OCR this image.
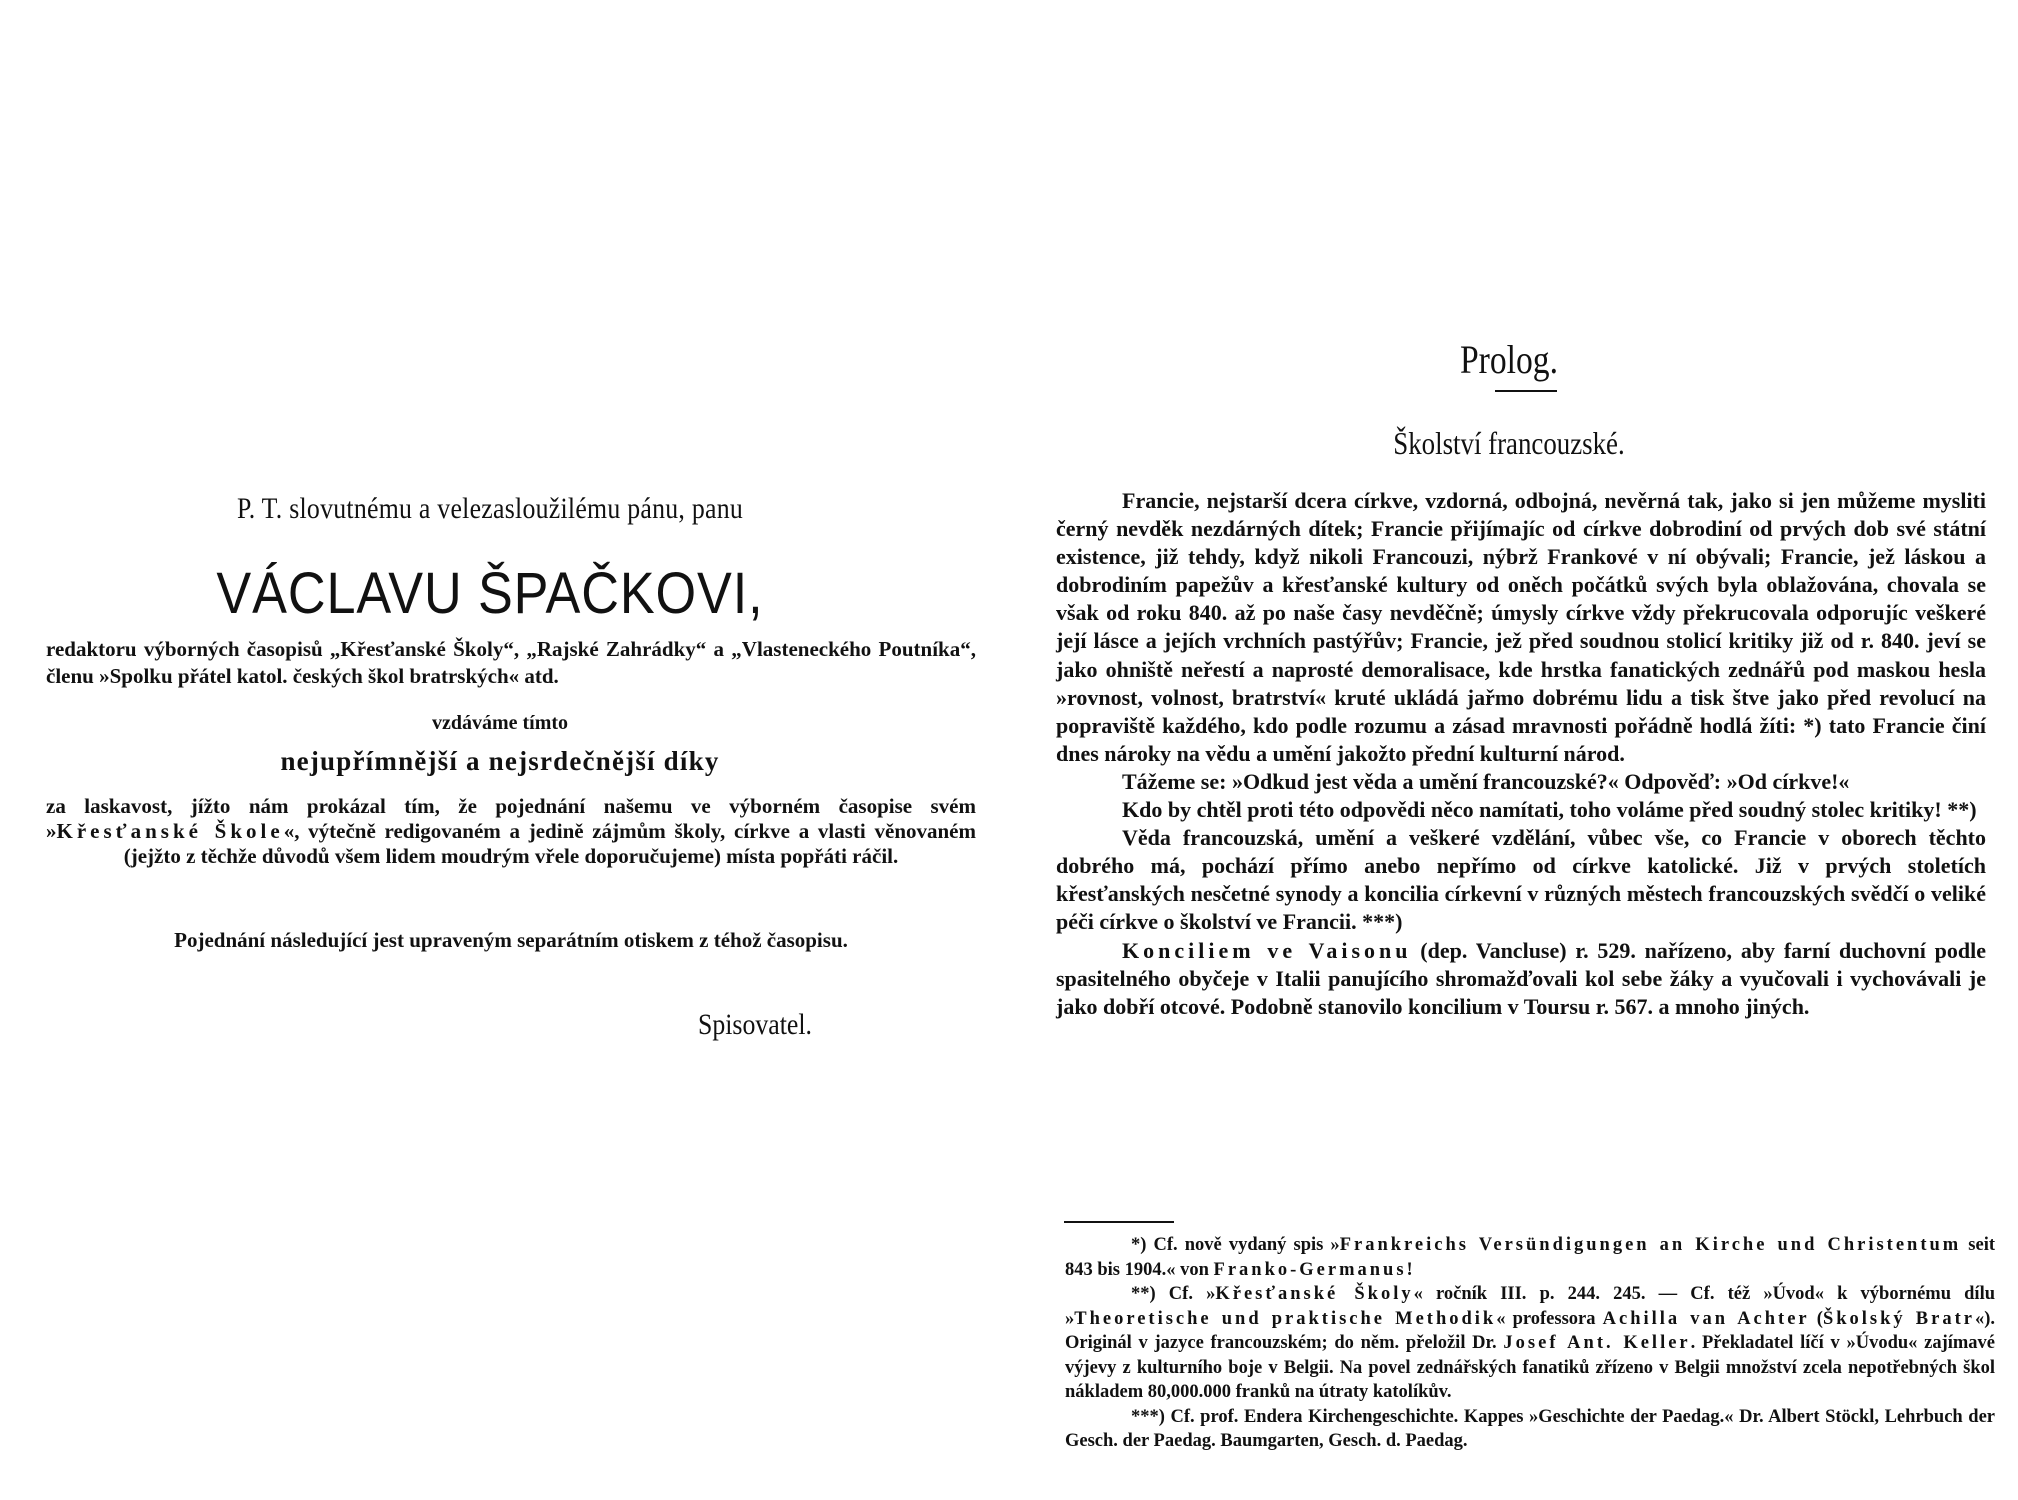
P. T. slovutnému a velezasloužilému pánu, panu
VÁCLAVU ŠPAČKOVI,

redaktoru výborných časopisů „Křesťanské Školy“, „Rajské Zahrádky“ a „Vlasteneckého Poutníka“, členu »Spolku přátel katol. českých škol bratrských« atd.

vzdáváme tímto
nejupřímnější a nejsrdečnější díky
za laskavost, jížto nám prokázal tím, že pojednání našemu ve výborném časopise svém »Křesťanské Škole«, výtečně redigovaném a jedině zájmům školy, církve a vlasti věnovaném (jejžto z těchže důvodů všem lidem moudrým vřele doporučujeme) místa popřáti ráčil.
Pojednání následující jest upraveným separátním otiskem z téhož časopisu.
Spisovatel.
Prolog.
Školství francouzské.

Francie, nejstarší dcera církve, vzdorná, odbojná, nevěrná tak, jako si jen můžeme mysliti černý nevděk nezdárných dítek; Francie přijímajíc od církve dobrodiní od prvých dob své státní existence, již tehdy, když nikoli Francouzi, nýbrž Frankové v ní obývali; Francie, jež láskou a dobrodiním papežův a křesťanské kultury od oněch počátků svých byla oblažována, chovala se však od roku 840. až po naše časy nevděčně; úmysly církve vždy překrucovala odporujíc veškeré její lásce a jejích vrchních pastýřův; Francie, jež před soudnou stolicí kritiky již od r. 840. jeví se jako ohniště neřestí a naprosté demoralisace, kde hrstka fanatických zednářů pod maskou hesla »rovnost, volnost, bratrství« kruté ukládá jařmo dobrému lidu a tisk štve jako před revolucí na popraviště každého, kdo podle rozumu a zásad mravnosti pořádně hodlá žíti: *) tato Francie činí dnes nároky na vědu a umění jakožto přední kulturní národ.

Tážeme se: »Odkud jest věda a umění francouzské?« Odpověď: »Od církve!«

Kdo by chtěl proti této odpovědi něco namítati, toho voláme před soudný stolec kritiky! **)

Věda francouzská, umění a veškeré vzdělání, vůbec vše, co Francie v oborech těchto dobrého má, pochází přímo anebo nepřímo od církve katolické. Již v prvých stoletích křesťanských nesčetné synody a koncilia církevní v různých městech francouzských svědčí o veliké péči církve o školství ve Francii. ***)

Konciliem ve Vaisonu (dep. Vancluse) r. 529. nařízeno, aby farní duchovní podle spasitelného obyčeje v Italii panujícího shromažďovali kol sebe žáky a vyučovali i vychovávali je jako dobří otcové. Podobně stanovilo koncilium v Toursu r. 567. a mnoho jiných.

*) Cf. nově vydaný spis »Frankreichs Versündigungen an Kirche und Christentum seit 843 bis 1904.« von Franko-Germanus!

**) Cf. »Křesťanské Školy« ročník III. p. 244. 245. — Cf. též »Úvod« k výbornému dílu »Theoretische und praktische Methodik« professora Achilla van Achter (Školský Bratr«). Originál v jazyce francouzském; do něm. přeložil Dr. Josef Ant. Keller. Překladatel líčí v »Úvodu« zajímavé výjevy z kulturního boje v Belgii. Na povel zednářských fanatiků zřízeno v Belgii množství zcela nepotřebných škol nákladem 80,000.000 franků na útraty katolíkův.

***) Cf. prof. Endera Kirchengeschichte. Kappes »Geschichte der Paedag.« Dr. Albert Stöckl, Lehrbuch der Gesch. der Paedag. Baumgarten, Gesch. d. Paedag.
